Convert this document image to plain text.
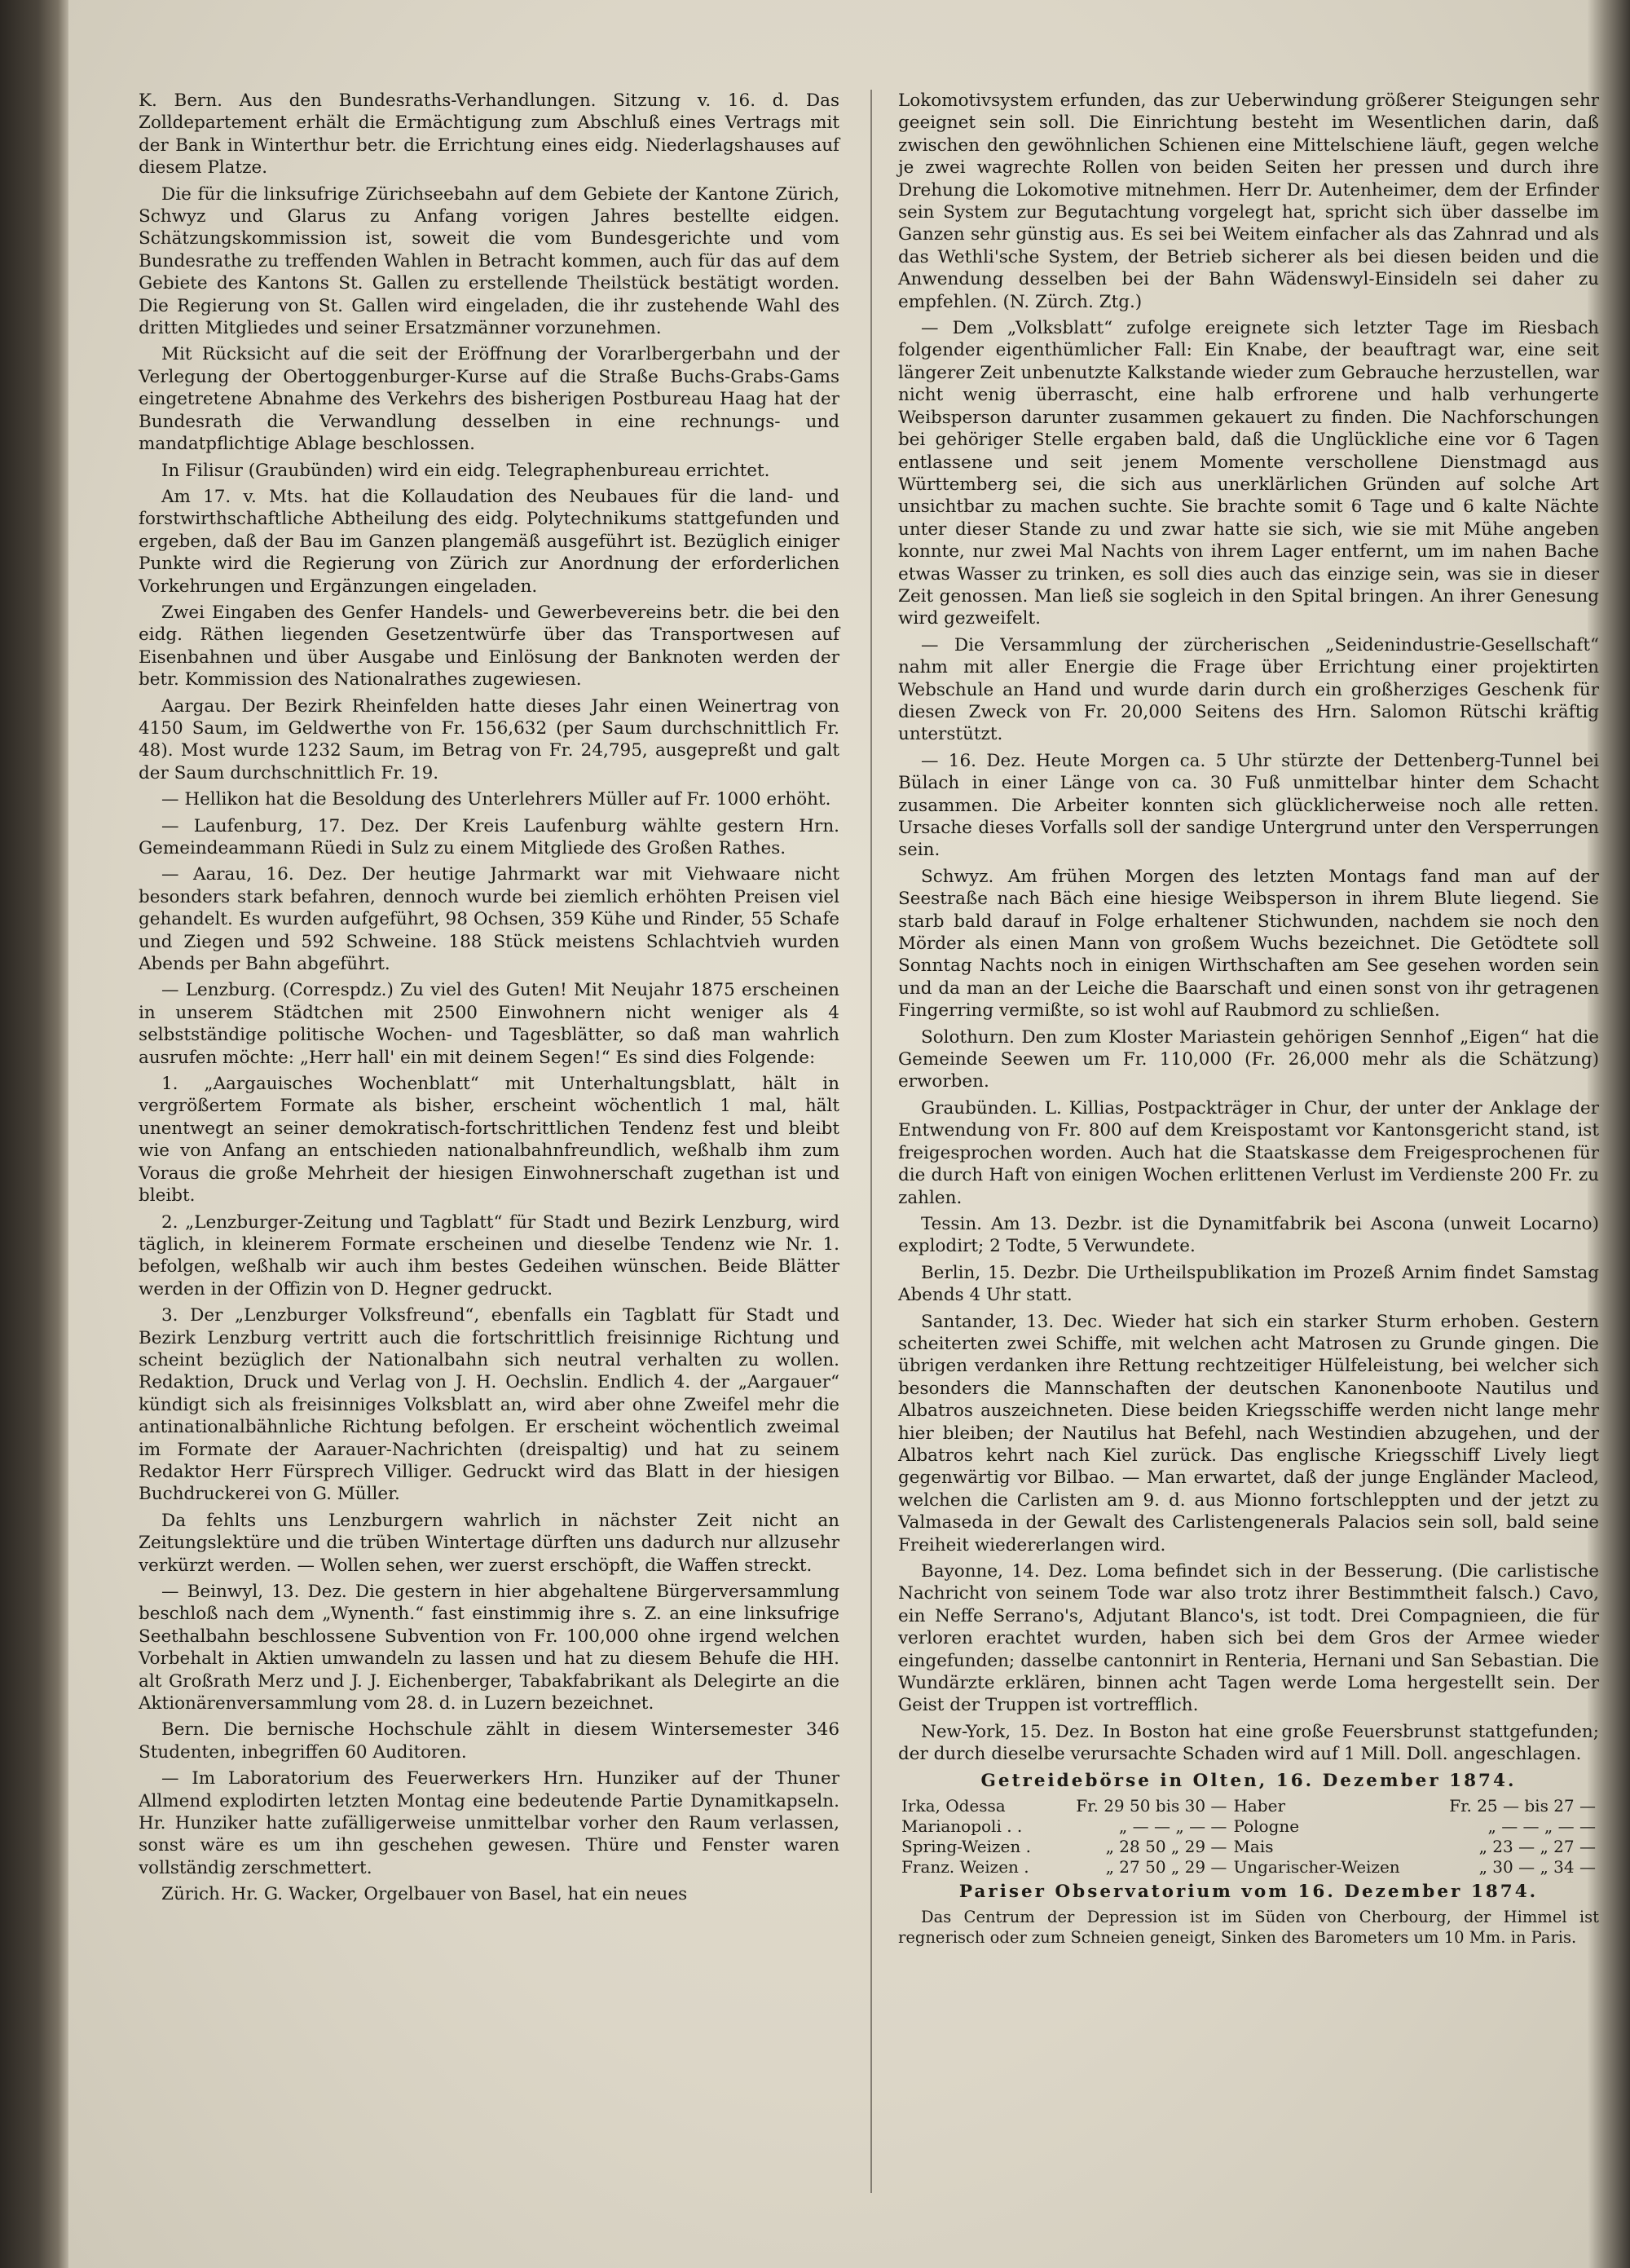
K. Bern. Aus den Bundesraths-Verhandlungen. Sitzung v. 16. d. Das Zolldepartement erhält die Ermächtigung zum Abschluß eines Vertrags mit der Bank in Winterthur betr. die Errichtung eines eidg. Niederlagshauses auf diesem Platze.

Die für die linksufrige Zürichseebahn auf dem Gebiete der Kantone Zürich, Schwyz und Glarus zu Anfang vorigen Jahres bestellte eidgen. Schätzungskommission ist, soweit die vom Bundesgerichte und vom Bundesrathe zu treffenden Wahlen in Betracht kommen, auch für das auf dem Gebiete des Kantons St. Gallen zu erstellende Theilstück bestätigt worden. Die Regierung von St. Gallen wird eingeladen, die ihr zustehende Wahl des dritten Mitgliedes und seiner Ersatzmänner vorzunehmen.

Mit Rücksicht auf die seit der Eröffnung der Vorarlbergerbahn und der Verlegung der Obertoggenburger-Kurse auf die Straße Buchs-Grabs-Gams eingetretene Abnahme des Verkehrs des bisherigen Postbureau Haag hat der Bundesrath die Verwandlung desselben in eine rechnungs- und mandatpflichtige Ablage beschlossen.

In Filisur (Graubünden) wird ein eidg. Telegraphenbureau errichtet.

Am 17. v. Mts. hat die Kollaudation des Neubaues für die land- und forstwirthschaftliche Abtheilung des eidg. Polytechnikums stattgefunden und ergeben, daß der Bau im Ganzen plangemäß ausgeführt ist. Bezüglich einiger Punkte wird die Regierung von Zürich zur Anordnung der erforderlichen Vorkehrungen und Ergänzungen eingeladen.

Zwei Eingaben des Genfer Handels- und Gewerbevereins betr. die bei den eidg. Räthen liegenden Gesetzentwürfe über das Transportwesen auf Eisenbahnen und über Ausgabe und Einlösung der Banknoten werden der betr. Kommission des Nationalrathes zugewiesen.

Aargau. Der Bezirk Rheinfelden hatte dieses Jahr einen Weinertrag von 4150 Saum, im Geldwerthe von Fr. 156,632 (per Saum durchschnittlich Fr. 48). Most wurde 1232 Saum, im Betrag von Fr. 24,795, ausgepreßt und galt der Saum durchschnittlich Fr. 19.

— Hellikon hat die Besoldung des Unterlehrers Müller auf Fr. 1000 erhöht.

— Laufenburg, 17. Dez. Der Kreis Laufenburg wählte gestern Hrn. Gemeindeammann Rüedi in Sulz zu einem Mitgliede des Großen Rathes.

— Aarau, 16. Dez. Der heutige Jahrmarkt war mit Viehwaare nicht besonders stark befahren, dennoch wurde bei ziemlich erhöhten Preisen viel gehandelt. Es wurden aufgeführt, 98 Ochsen, 359 Kühe und Rinder, 55 Schafe und Ziegen und 592 Schweine. 188 Stück meistens Schlachtvieh wurden Abends per Bahn abgeführt.

— Lenzburg. (Correspdz.) Zu viel des Guten! Mit Neujahr 1875 erscheinen in unserem Städtchen mit 2500 Einwohnern nicht weniger als 4 selbstständige politische Wochen- und Tagesblätter, so daß man wahrlich ausrufen möchte: „Herr hall' ein mit deinem Segen!“ Es sind dies Folgende:

1. „Aargauisches Wochenblatt“ mit Unterhaltungsblatt, hält in vergrößertem Formate als bisher, erscheint wöchentlich 1 mal, hält unentwegt an seiner demokratisch-fortschrittlichen Tendenz fest und bleibt wie von Anfang an entschieden nationalbahnfreundlich, weßhalb ihm zum Voraus die große Mehrheit der hiesigen Einwohnerschaft zugethan ist und bleibt.

2. „Lenzburger-Zeitung und Tagblatt“ für Stadt und Bezirk Lenzburg, wird täglich, in kleinerem Formate erscheinen und dieselbe Tendenz wie Nr. 1. befolgen, weßhalb wir auch ihm bestes Gedeihen wünschen. Beide Blätter werden in der Offizin von D. Hegner gedruckt.

3. Der „Lenzburger Volksfreund“, ebenfalls ein Tagblatt für Stadt und Bezirk Lenzburg vertritt auch die fortschrittlich freisinnige Richtung und scheint bezüglich der Nationalbahn sich neutral verhalten zu wollen. Redaktion, Druck und Verlag von J. H. Oechslin. Endlich 4. der „Aargauer“ kündigt sich als freisinniges Volksblatt an, wird aber ohne Zweifel mehr die antinationalbähnliche Richtung befolgen. Er erscheint wöchentlich zweimal im Formate der Aarauer-Nachrichten (dreispaltig) und hat zu seinem Redaktor Herr Fürsprech Villiger. Gedruckt wird das Blatt in der hiesigen Buchdruckerei von G. Müller.

Da fehlts uns Lenzburgern wahrlich in nächster Zeit nicht an Zeitungslektüre und die trüben Wintertage dürften uns dadurch nur allzusehr verkürzt werden. — Wollen sehen, wer zuerst erschöpft, die Waffen streckt.

— Beinwyl, 13. Dez. Die gestern in hier abgehaltene Bürgerversammlung beschloß nach dem „Wynenth.“ fast einstimmig ihre s. Z. an eine linksufrige Seethalbahn beschlossene Subvention von Fr. 100,000 ohne irgend welchen Vorbehalt in Aktien umwandeln zu lassen und hat zu diesem Behufe die HH. alt Großrath Merz und J. J. Eichenberger, Tabakfabrikant als Delegirte an die Aktionärenversammlung vom 28. d. in Luzern bezeichnet.

Bern. Die bernische Hochschule zählt in diesem Wintersemester 346 Studenten, inbegriffen 60 Auditoren.

— Im Laboratorium des Feuerwerkers Hrn. Hunziker auf der Thuner Allmend explodirten letzten Montag eine bedeutende Partie Dynamitkapseln. Hr. Hunziker hatte zufälligerweise unmittelbar vorher den Raum verlassen, sonst wäre es um ihn geschehen gewesen. Thüre und Fenster waren vollständig zerschmettert.

Zürich. Hr. G. Wacker, Orgelbauer von Basel, hat ein neues

Lokomotivsystem erfunden, das zur Ueberwindung größerer Steigungen sehr geeignet sein soll. Die Einrichtung besteht im Wesentlichen darin, daß zwischen den gewöhnlichen Schienen eine Mittelschiene läuft, gegen welche je zwei wagrechte Rollen von beiden Seiten her pressen und durch ihre Drehung die Lokomotive mitnehmen. Herr Dr. Autenheimer, dem der Erfinder sein System zur Begutachtung vorgelegt hat, spricht sich über dasselbe im Ganzen sehr günstig aus. Es sei bei Weitem einfacher als das Zahnrad und als das Wethli'sche System, der Betrieb sicherer als bei diesen beiden und die Anwendung desselben bei der Bahn Wädenswyl-Einsideln sei daher zu empfehlen. (N. Zürch. Ztg.)

— Dem „Volksblatt“ zufolge ereignete sich letzter Tage im Riesbach folgender eigenthümlicher Fall: Ein Knabe, der beauftragt war, eine seit längerer Zeit unbenutzte Kalkstande wieder zum Gebrauche herzustellen, war nicht wenig überrascht, eine halb erfrorene und halb verhungerte Weibsperson darunter zusammen gekauert zu finden. Die Nachforschungen bei gehöriger Stelle ergaben bald, daß die Unglückliche eine vor 6 Tagen entlassene und seit jenem Momente verschollene Dienstmagd aus Württemberg sei, die sich aus unerklärlichen Gründen auf solche Art unsichtbar zu machen suchte. Sie brachte somit 6 Tage und 6 kalte Nächte unter dieser Stande zu und zwar hatte sie sich, wie sie mit Mühe angeben konnte, nur zwei Mal Nachts von ihrem Lager entfernt, um im nahen Bache etwas Wasser zu trinken, es soll dies auch das einzige sein, was sie in dieser Zeit genossen. Man ließ sie sogleich in den Spital bringen. An ihrer Genesung wird gezweifelt.

— Die Versammlung der zürcherischen „Seidenindustrie-Gesellschaft“ nahm mit aller Energie die Frage über Errichtung einer projektirten Webschule an Hand und wurde darin durch ein großherziges Geschenk für diesen Zweck von Fr. 20,000 Seitens des Hrn. Salomon Rütschi kräftig unterstützt.

— 16. Dez. Heute Morgen ca. 5 Uhr stürzte der Dettenberg-Tunnel bei Bülach in einer Länge von ca. 30 Fuß unmittelbar hinter dem Schacht zusammen. Die Arbeiter konnten sich glücklicherweise noch alle retten. Ursache dieses Vorfalls soll der sandige Untergrund unter den Versperrungen sein.

Schwyz. Am frühen Morgen des letzten Montags fand man auf der Seestraße nach Bäch eine hiesige Weibsperson in ihrem Blute liegend. Sie starb bald darauf in Folge erhaltener Stichwunden, nachdem sie noch den Mörder als einen Mann von großem Wuchs bezeichnet. Die Getödtete soll Sonntag Nachts noch in einigen Wirthschaften am See gesehen worden sein und da man an der Leiche die Baarschaft und einen sonst von ihr getragenen Fingerring vermißte, so ist wohl auf Raubmord zu schließen.

Solothurn. Den zum Kloster Mariastein gehörigen Sennhof „Eigen“ hat die Gemeinde Seewen um Fr. 110,000 (Fr. 26,000 mehr als die Schätzung) erworben.

Graubünden. L. Killias, Postpackträger in Chur, der unter der Anklage der Entwendung von Fr. 800 auf dem Kreispostamt vor Kantonsgericht stand, ist freigesprochen worden. Auch hat die Staatskasse dem Freigesprochenen für die durch Haft von einigen Wochen erlittenen Verlust im Verdienste 200 Fr. zu zahlen.

Tessin. Am 13. Dezbr. ist die Dynamitfabrik bei Ascona (unweit Locarno) explodirt; 2 Todte, 5 Verwundete.

Berlin, 15. Dezbr. Die Urtheilspublikation im Prozeß Arnim findet Samstag Abends 4 Uhr statt.

Santander, 13. Dec. Wieder hat sich ein starker Sturm erhoben. Gestern scheiterten zwei Schiffe, mit welchen acht Matrosen zu Grunde gingen. Die übrigen verdanken ihre Rettung rechtzeitiger Hülfeleistung, bei welcher sich besonders die Mannschaften der deutschen Kanonenboote Nautilus und Albatros auszeichneten. Diese beiden Kriegsschiffe werden nicht lange mehr hier bleiben; der Nautilus hat Befehl, nach Westindien abzugehen, und der Albatros kehrt nach Kiel zurück. Das englische Kriegsschiff Lively liegt gegenwärtig vor Bilbao. — Man erwartet, daß der junge Engländer Macleod, welchen die Carlisten am 9. d. aus Mionno fortschleppten und der jetzt zu Valmaseda in der Gewalt des Carlistengenerals Palacios sein soll, bald seine Freiheit wiedererlangen wird.

Bayonne, 14. Dez. Loma befindet sich in der Besserung. (Die carlistische Nachricht von seinem Tode war also trotz ihrer Bestimmtheit falsch.) Cavo, ein Neffe Serrano's, Adjutant Blanco's, ist todt. Drei Compagnieen, die für verloren erachtet wurden, haben sich bei dem Gros der Armee wieder eingefunden; dasselbe cantonnirt in Renteria, Hernani und San Sebastian. Die Wundärzte erklären, binnen acht Tagen werde Loma hergestellt sein. Der Geist der Truppen ist vortrefflich.

New-York, 15. Dez. In Boston hat eine große Feuersbrunst stattgefunden; der durch dieselbe verursachte Schaden wird auf 1 Mill. Doll. angeschlagen.

Getreidebörse in Olten, 16. Dezember 1874.

Irka, Odessa	Fr. 29 50 bis 30 —	Haber	Fr. 25 — bis 27 —
Marianopoli . .	„ — — „ — —	Pologne	„ — — „ — —
Spring-Weizen .	„ 28 50 „ 29 —	Mais	„ 23 — „ 27 —
Franz. Weizen .	„ 27 50 „ 29 —	Ungarischer-Weizen	„ 30 — „ 34 —

Pariser Observatorium vom 16. Dezember 1874.

Das Centrum der Depression ist im Süden von Cherbourg, der Himmel ist regnerisch oder zum Schneien geneigt, Sinken des Barometers um 10 Mm. in Paris.
